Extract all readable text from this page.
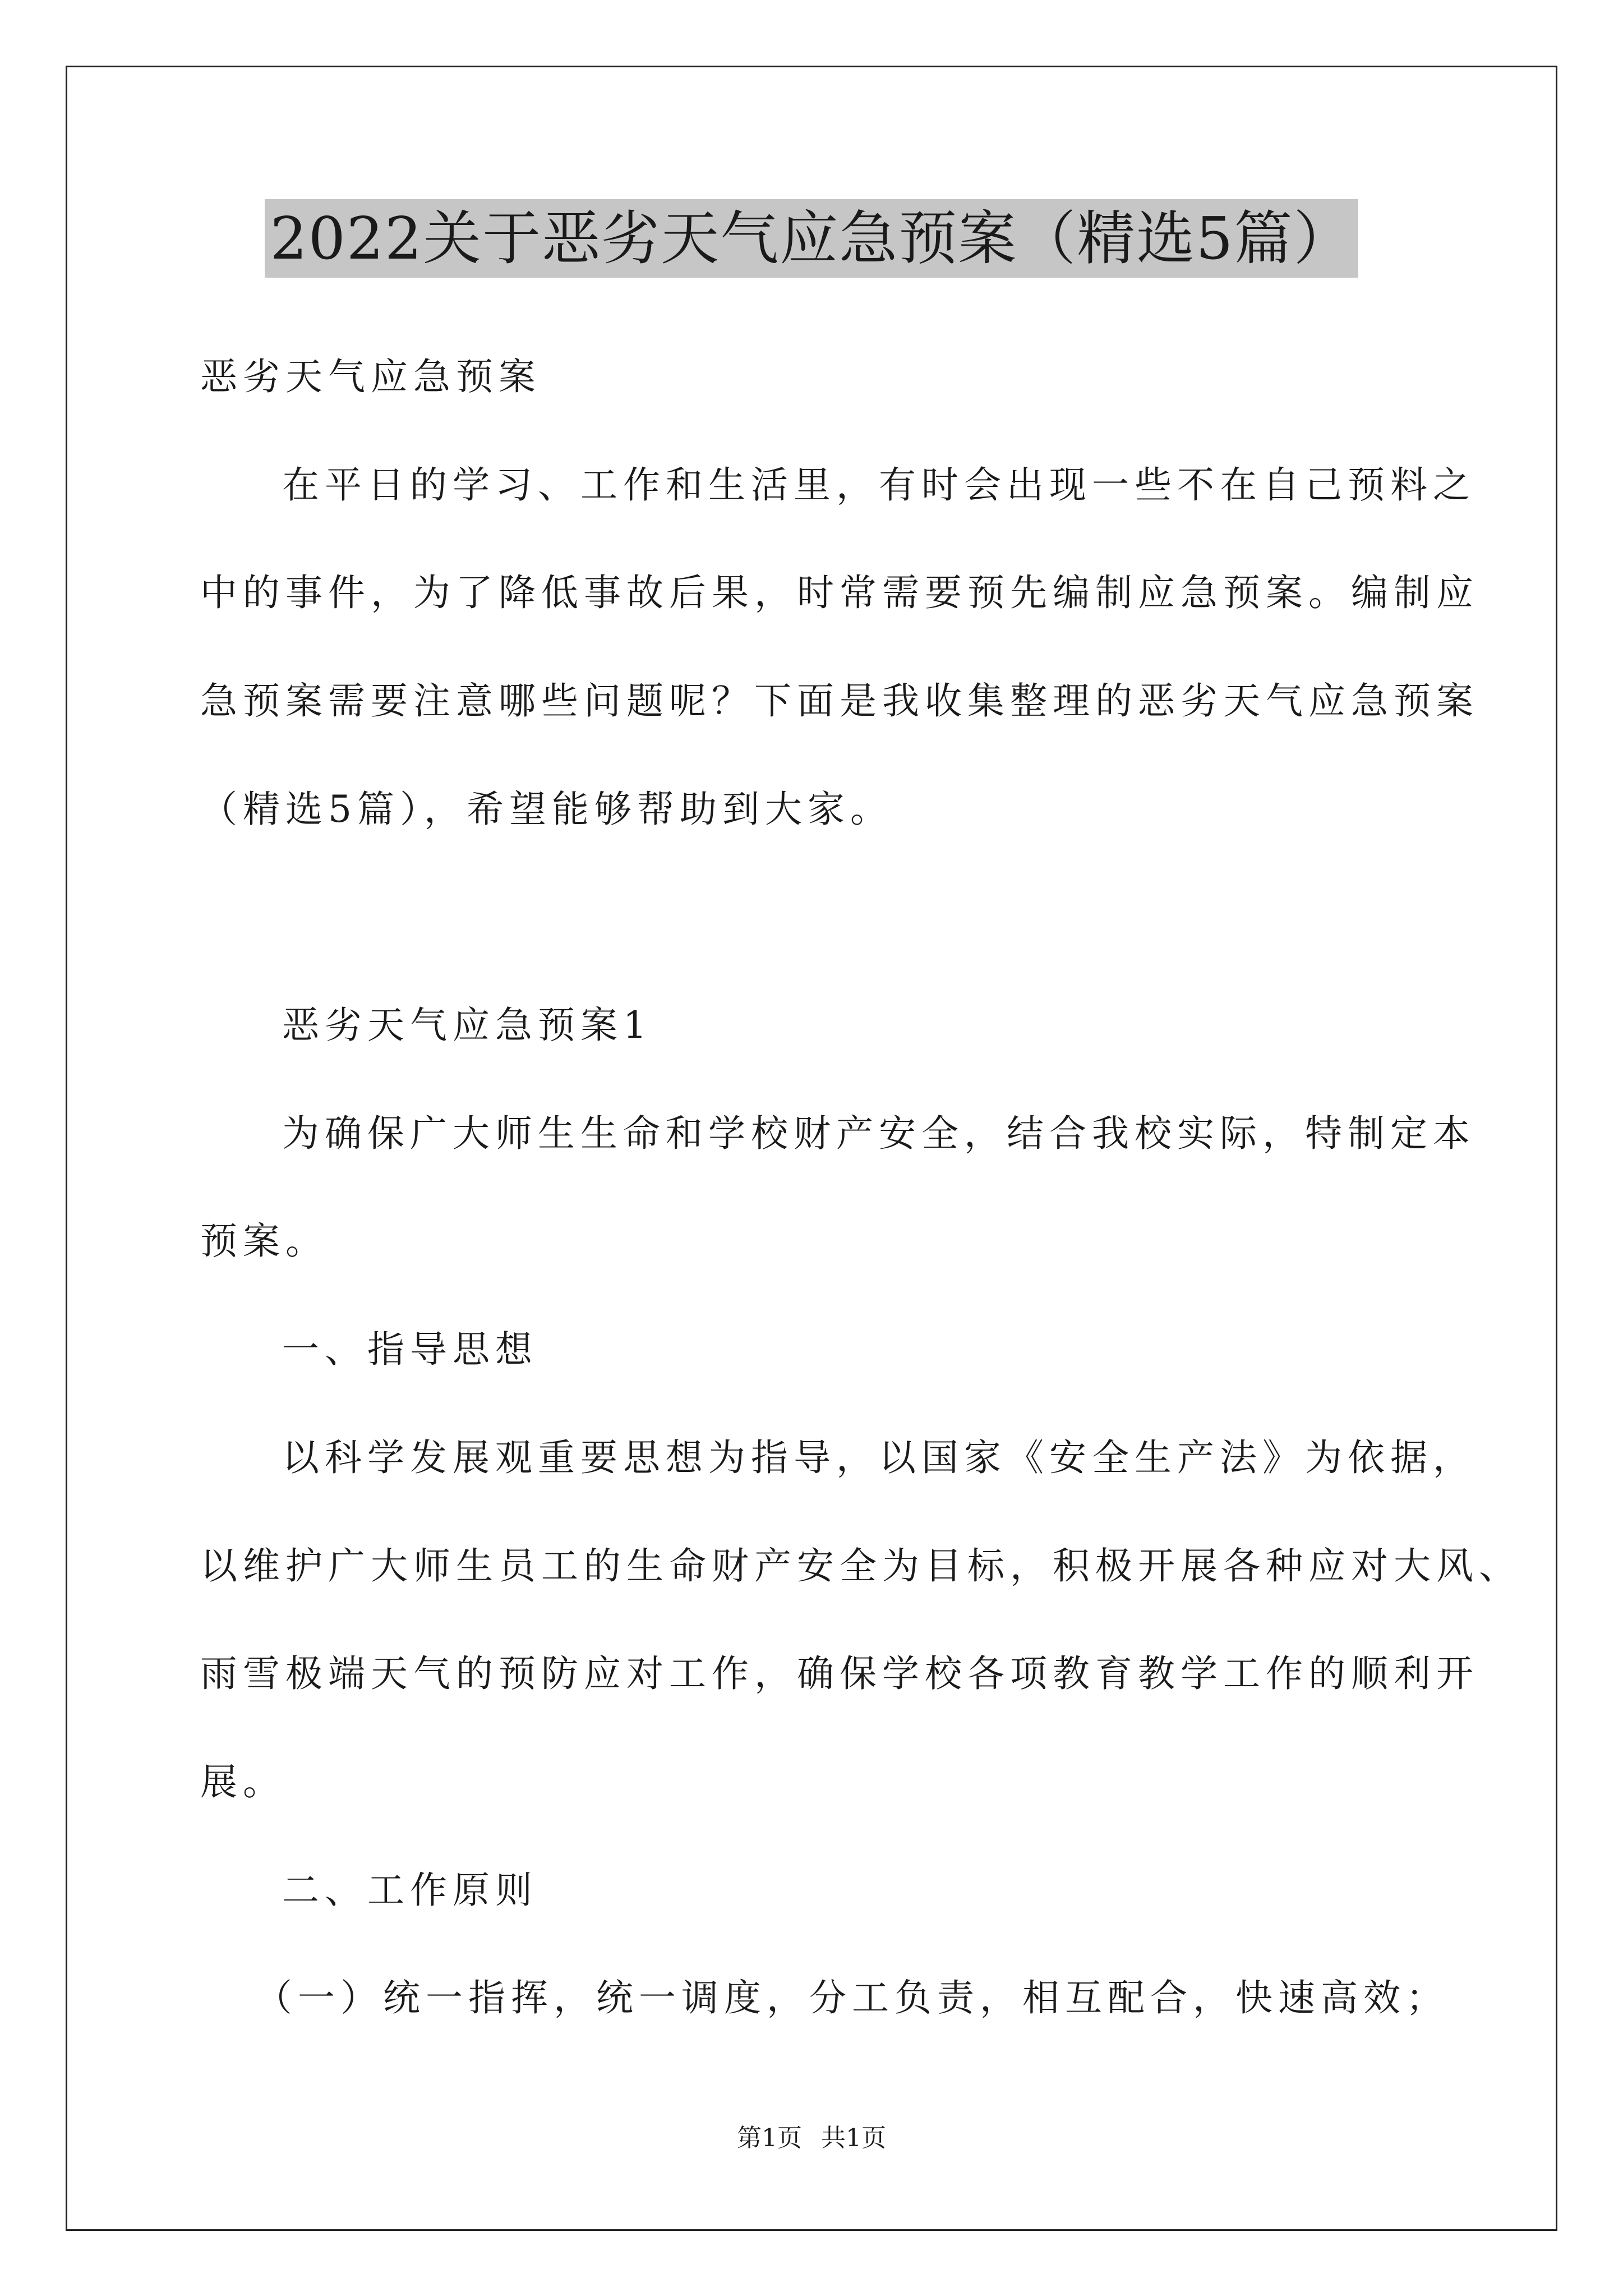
2022关于恶劣天气应急预案（精选5篇）
恶劣天气应急预案
在平日的学习、工作和生活里，有时会出现一些不在自己预料之
中的事件，为了降低事故后果，时常需要预先编制应急预案。编制应
急预案需要注意哪些问题呢？下面是我收集整理的恶劣天气应急预案
（精选5篇），希望能够帮助到大家。
恶劣天气应急预案1
为确保广大师生生命和学校财产安全，结合我校实际，特制定本
预案。
一、指导思想
以科学发展观重要思想为指导，以国家《安全生产法》为依据，
以维护广大师生员工的生命财产安全为目标，积极开展各种应对大风、
雨雪极端天气的预防应对工作，确保学校各项教育教学工作的顺利开
展。
二、工作原则
（一）统一指挥，统一调度，分工负责，相互配合，快速高效；
第1页 共1页
